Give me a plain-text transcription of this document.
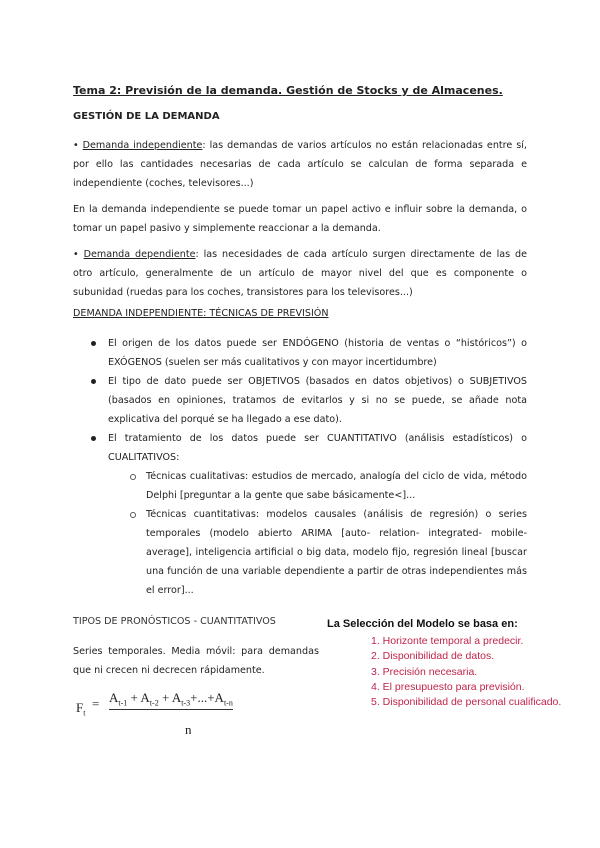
Tema 2: Previsión de la demanda. Gestión de Stocks y de Almacenes.
GESTIÓN DE LA DEMANDA
• Demanda independiente: las demandas de varios artículos no están relacionadas entre sí, por ello las cantidades necesarias de cada artículo se calculan de forma separada e independiente (coches, televisores...)
En la demanda independiente se puede tomar un papel activo e influir sobre la demanda, o tomar un papel pasivo y simplemente reaccionar a la demanda.
• Demanda dependiente: las necesidades de cada artículo surgen directamente de las de otro artículo, generalmente de un artículo de mayor nivel del que es componente o subunidad (ruedas para los coches, transistores para los televisores...)
DEMANDA INDEPENDIENTE: TÉCNICAS DE PREVISIÓN
El origen de los datos puede ser ENDÓGENO (historia de ventas o “históricos”) o EXÓGENOS (suelen ser más cualitativos y con mayor incertidumbre)
El tipo de dato puede ser OBJETIVOS (basados en datos objetivos) o SUBJETIVOS (basados en opiniones, tratamos de evitarlos y si no se puede, se añade nota explicativa del porqué se ha llegado a ese dato).
El tratamiento de los datos puede ser CUANTITATIVO (análisis estadísticos) o CUALITATIVOS:
Técnicas cualitativas: estudios de mercado, analogía del ciclo de vida, método Delphi [preguntar a la gente que sabe básicamente<]...
Técnicas cuantitativas: modelos causales (análisis de regresión) o series temporales (modelo abierto ARIMA [auto- relation- integrated- mobile-average], inteligencia artificial o big data, modelo fijo, regresión lineal [buscar una función de una variable dependiente a partir de otras independientes más el error]...
TIPOS DE PRONÓSTICOS - CUANTITATIVOS
Series temporales. Media móvil: para demandas que ni crecen ni decrecen rápidamente.
$F_t$
= $A_{t-1} + A_{t-2} + A_{t-3}+...+A_{t-n}$
n
La Selección del Modelo se basa en:
1. Horizonte temporal a predecir.
2. Disponibilidad de datos.
3. Precisión necesaria.
4. El presupuesto para previsión.
5. Disponibilidad de personal cualificado.
